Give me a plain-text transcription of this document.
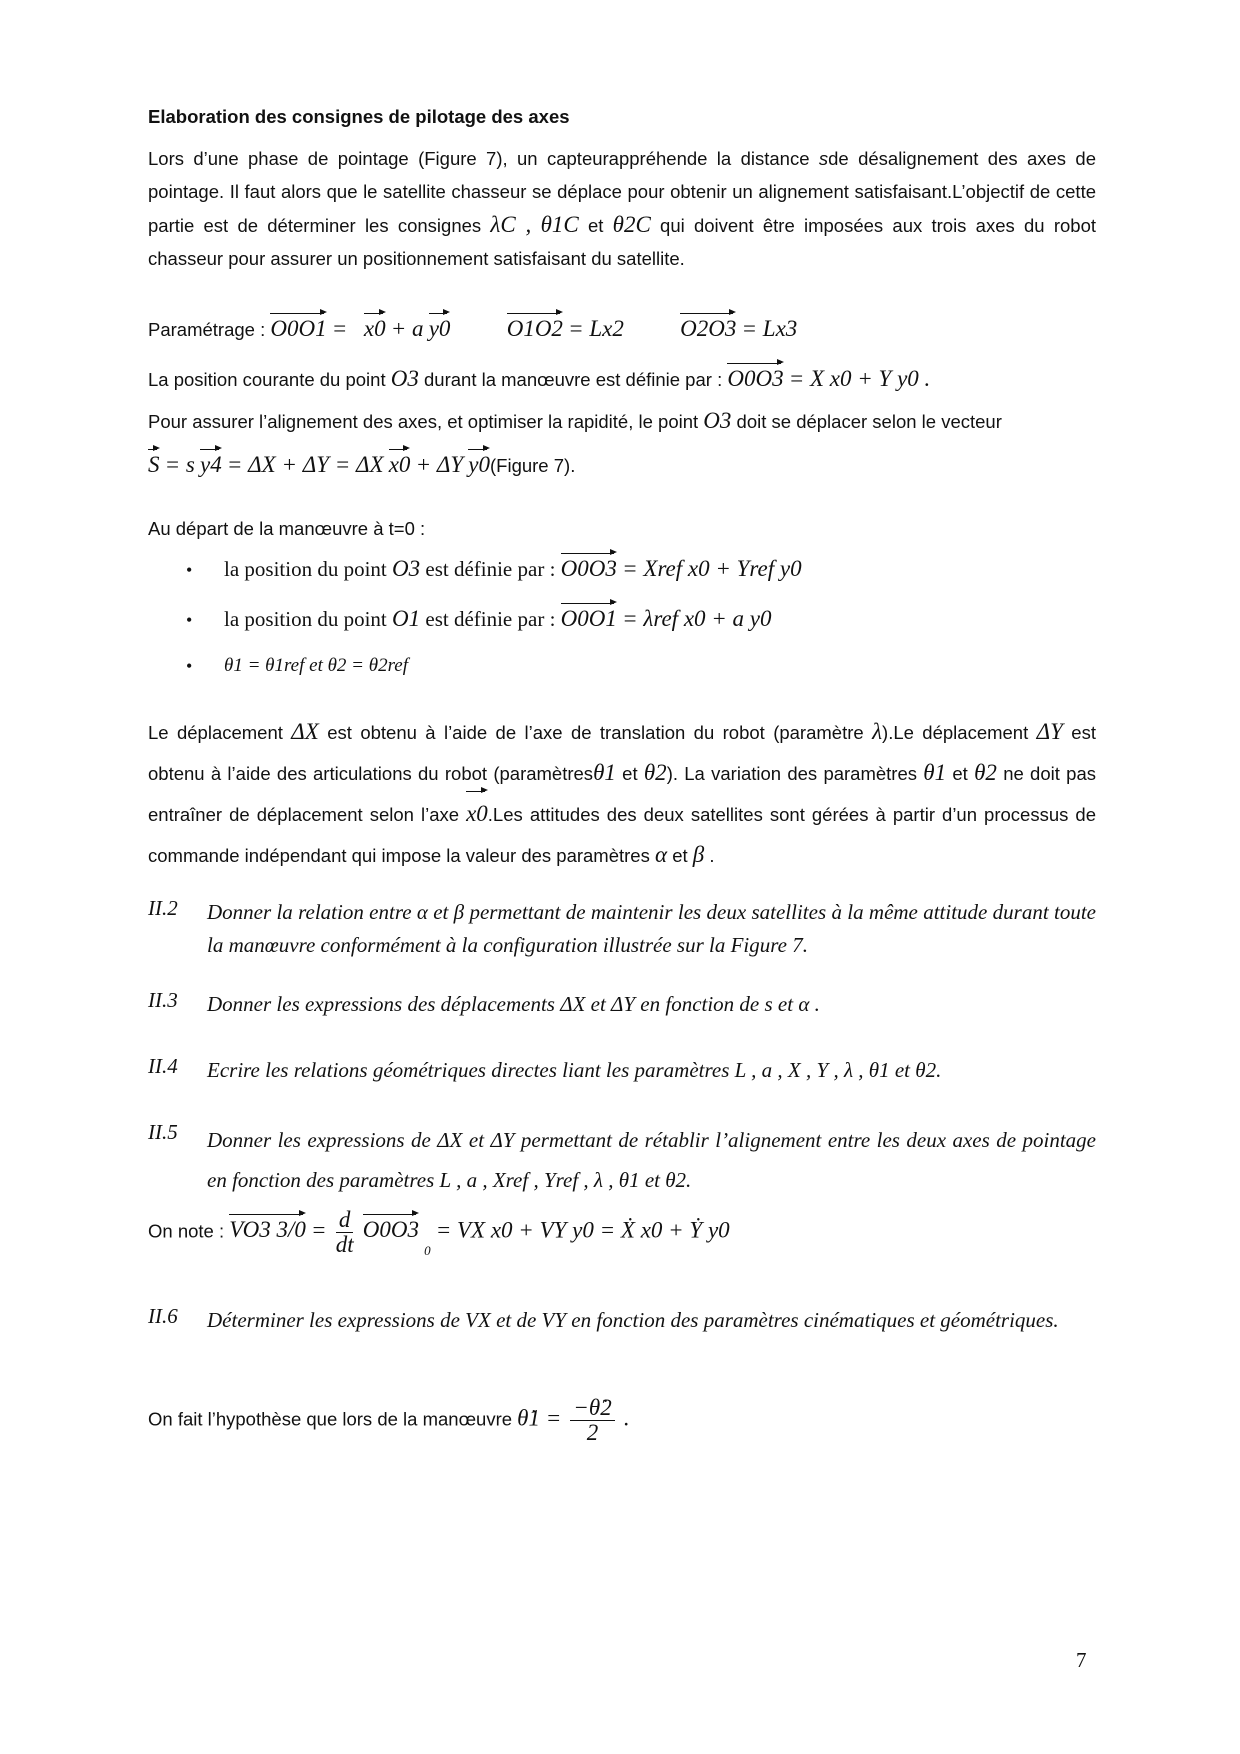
Elaboration des consignes de pilotage des axes
Lors d’une phase de pointage (Figure 7), un capteurappréhende la distance sde désalignement des axes de pointage. Il faut alors que le satellite chasseur se déplace pour obtenir un alignement satisfaisant.L’objectif de cette partie est de déterminer les consignes λC , θ1C et θ2C qui doivent être imposées aux trois axes du robot chasseur pour assurer un positionnement satisfaisant du satellite.
Paramétrage : O0O1 =   x0 + a y0 O1O2 = Lx2 O2O3 = Lx3
La position courante du point O3 durant la manœuvre est définie par : O0O3 = X x0 + Y y0 .
Pour assurer l’alignement des axes, et optimiser la rapidité, le point O3 doit se déplacer selon le vecteur
S = s y4 = ΔX + ΔY = ΔX x0 + ΔY y0(Figure 7).
Au départ de la manœuvre à t=0 :
• la position du point O3 est définie par : O0O3 = Xref x0 + Yref y0
• la position du point O1 est définie par : O0O1 = λref x0 + a y0
• θ1 = θ1ref et θ2 = θ2ref
Le déplacement ΔX est obtenu à l’aide de l’axe de translation du robot (paramètre λ).Le déplacement ΔY est obtenu à l’aide des articulations du robot (paramètresθ1 et θ2). La variation des paramètres θ1 et θ2 ne doit pas entraîner de déplacement selon l’axe x0.Les attitudes des deux satellites sont gérées à partir d’un processus de commande indépendant qui impose la valeur des paramètres α et β .
II.2 Donner la relation entre α et β permettant de maintenir les deux satellites à la même attitude durant toute la manœuvre conformément à la configuration illustrée sur la Figure 7.
II.3 Donner les expressions des déplacements ΔX et ΔY en fonction de s et α .
II.4 Ecrire les relations géométriques directes liant les paramètres L , a , X , Y , λ , θ1 et θ2.
II.5 Donner les expressions de ΔX et ΔY permettant de rétablir l’alignement entre les deux axes de pointage en fonction des paramètres L , a , Xref , Yref , λ , θ1 et θ2.
On note : VO3 $3/0 = \frac{d}{dt} O0O3$ $_0$ = VX x0 + VY y0 = Ẋ x0 + Ẏ y0
II.6 Déterminer les expressions de VX et de VY en fonction des paramètres cinématiques et géométriques.
On fait l’hypothèse que lors de la manœuvre θ̇1 = $\frac{-\thetȧ2}{2}$ .
7
